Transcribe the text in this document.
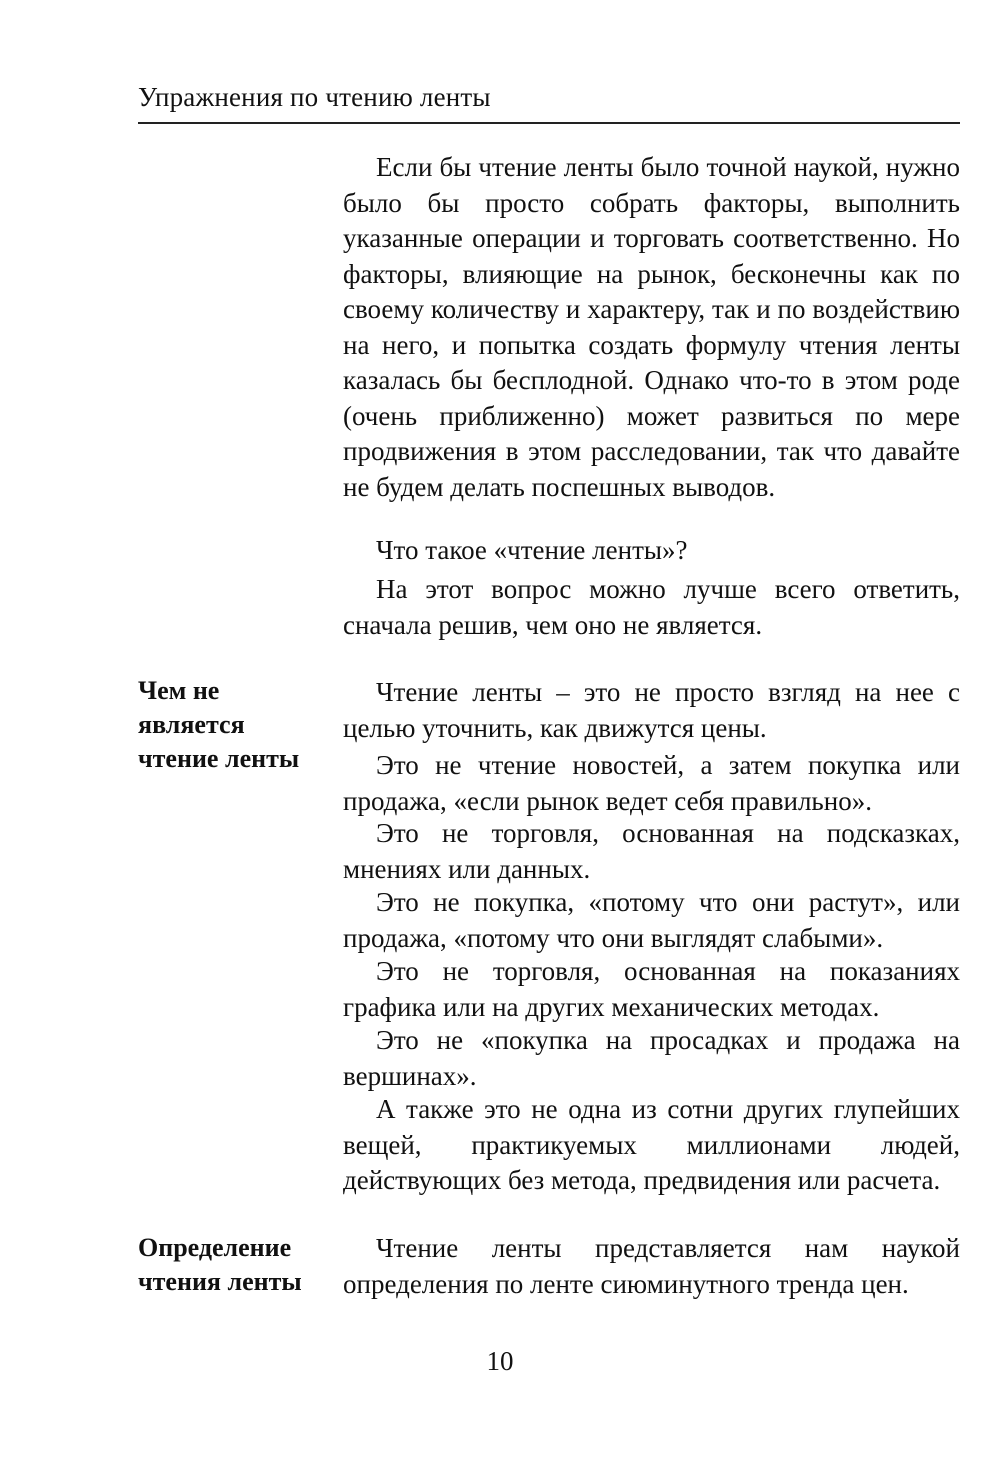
Упражнения по чтению ленты

Если бы чтение ленты было точной наукой, нужно было бы просто собрать факторы, выполнить указанные операции и торговать соответственно. Но факторы, влияющие на рынок, бесконечны как по своему количеству и характеру, так и по воздействию на него, и попытка создать формулу чтения ленты казалась бы бесплодной. Однако что-то в этом роде (очень приближенно) может развиться по мере продвижения в этом расследовании, так что давайте не будем делать поспешных выводов.

Что такое «чтение ленты»?

На этот вопрос можно лучше всего ответить, сначала решив, чем оно не является.

Чем не является чтение ленты

Чтение ленты – это не просто взгляд на нее с целью уточнить, как движутся цены.

Это не чтение новостей, а затем покупка или продажа, «если рынок ведет себя правильно».

Это не торговля, основанная на подсказках, мнениях или данных.

Это не покупка, «потому что они растут», или продажа, «потому что они выглядят слабыми».

Это не торговля, основанная на показаниях графика или на других механических методах.

Это не «покупка на просадках и продажа на вершинах».

А также это не одна из сотни других глупейших вещей, практикуемых миллионами людей, действующих без метода, предвидения или расчета.

Определение чтения ленты

Чтение ленты представляется нам наукой определения по ленте сиюминутного тренда цен.

10
